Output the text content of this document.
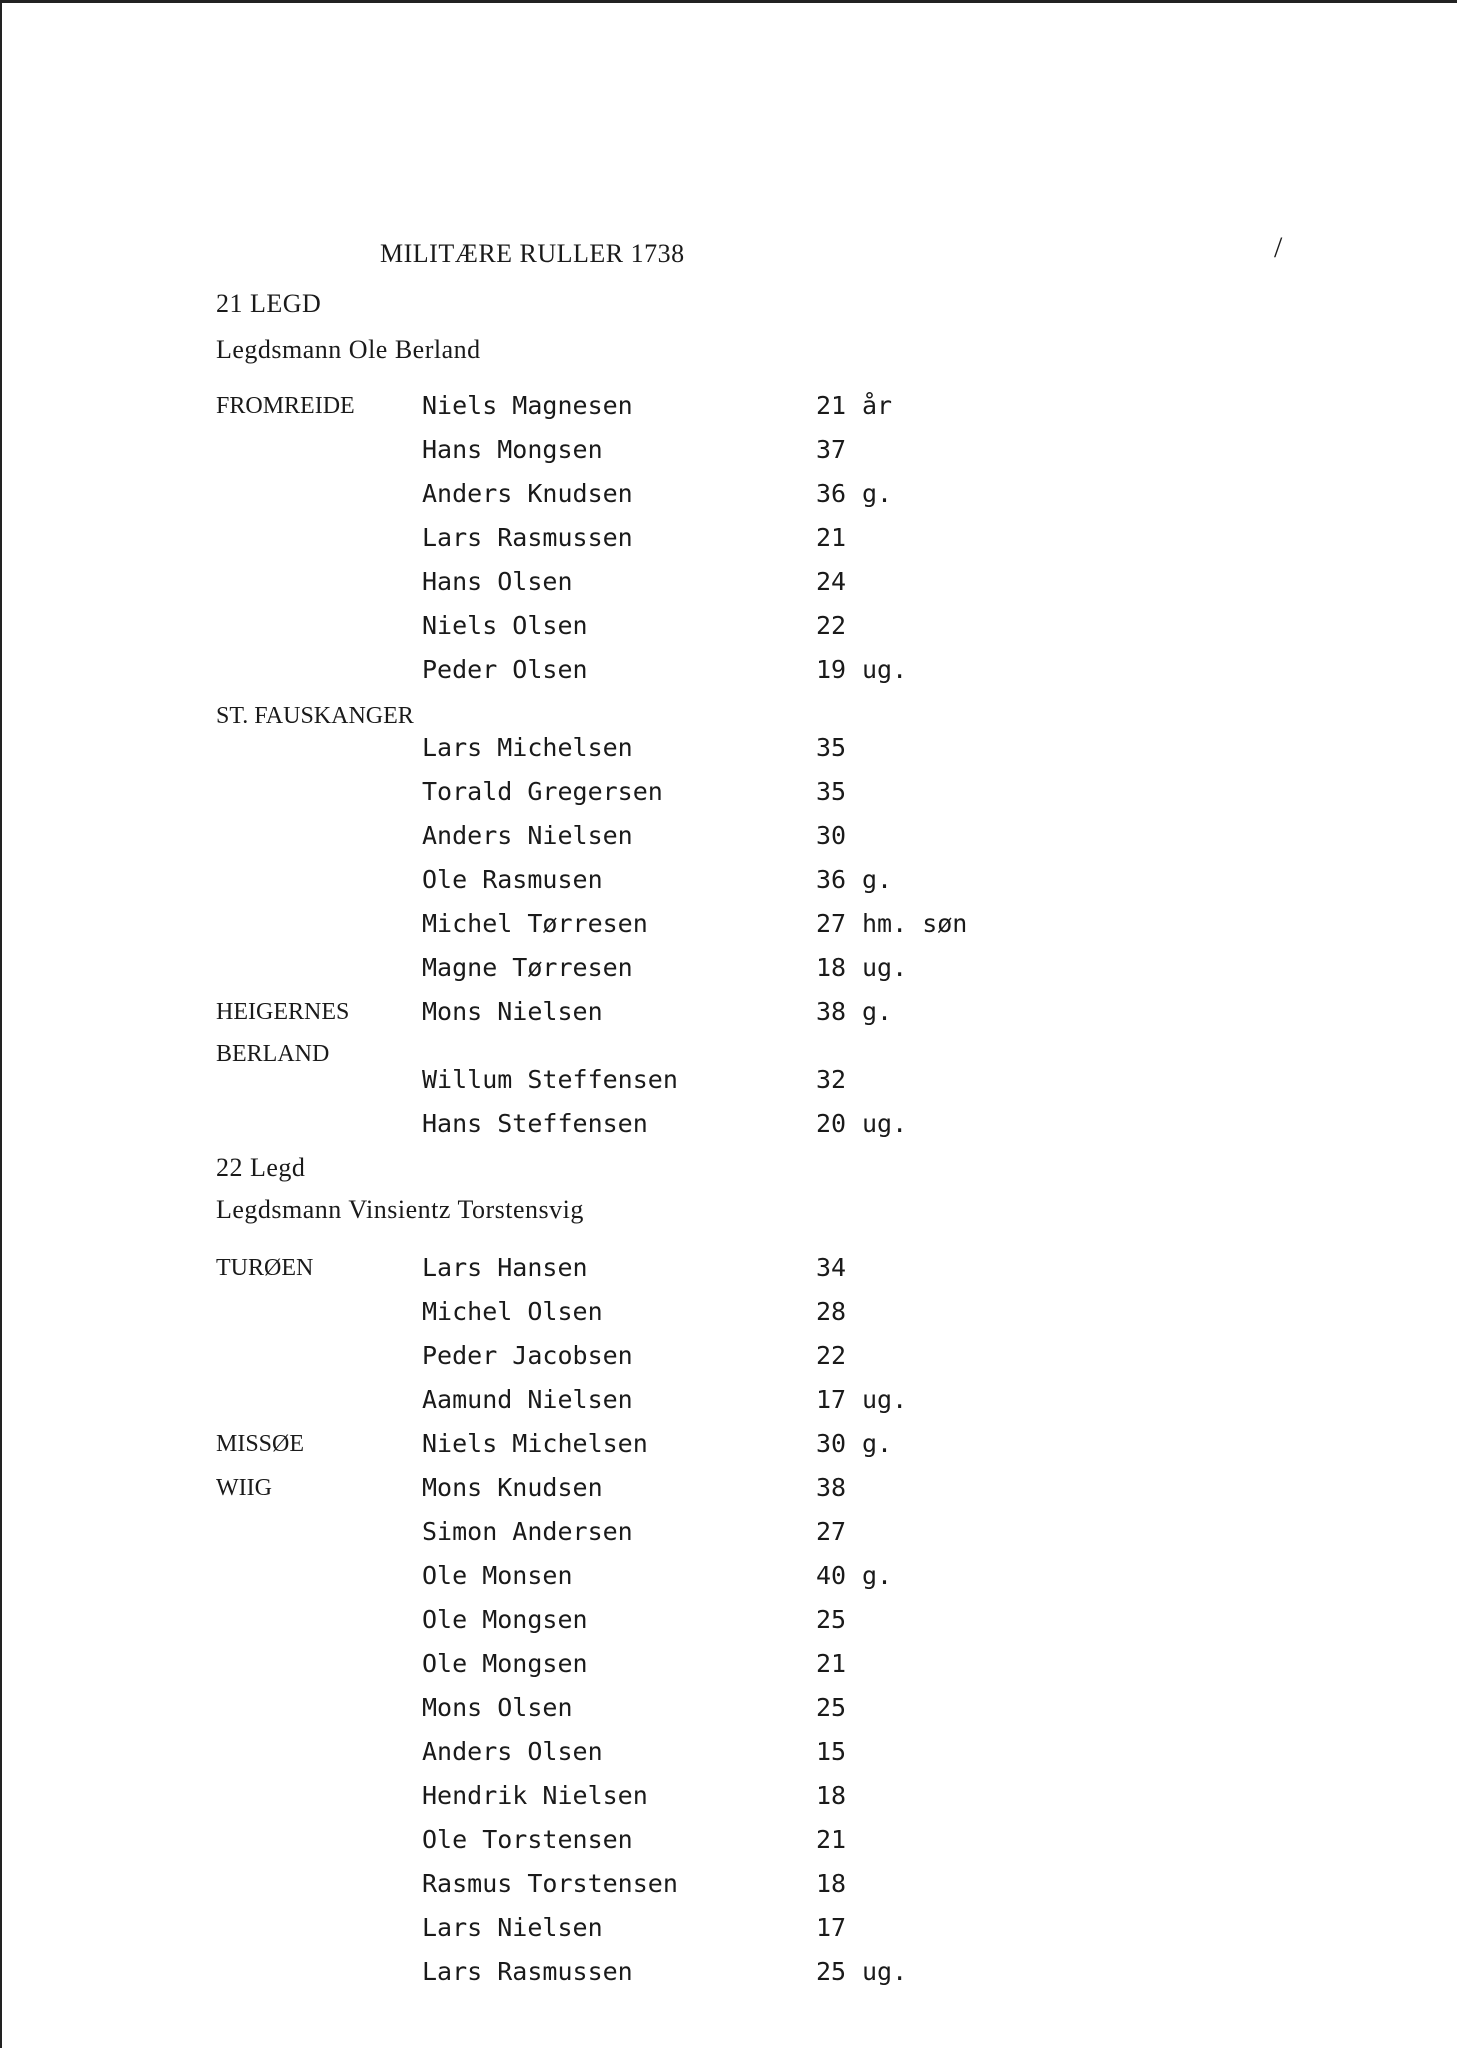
MILITÆRE RULLER 1738	/
21 LEGD
Legdsmann Ole Berland
FROMREIDE	Niels Magnesen	21 år
Hans Mongsen	37
Anders Knudsen	36 g.
Lars Rasmussen	21
Hans Olsen	24
Niels Olsen	22
Peder Olsen	19 ug.
ST. FAUSKANGER
Lars Michelsen	35
Torald Gregersen	35
Anders Nielsen	30
Ole Rasmusen	36 g.
Michel Tørresen	27 hm. søn
Magne Tørresen	18 ug.
HEIGERNES	Mons Nielsen	38 g.
BERLAND
Willum Steffensen	32
Hans Steffensen	20 ug.
22 Legd
Legdsmann Vinsientz Torstensvig
TURØEN	Lars Hansen	34
Michel Olsen	28
Peder Jacobsen	22
Aamund Nielsen	17 ug.
MISSØE	Niels Michelsen	30 g.
WIIG	Mons Knudsen	38
Simon Andersen	27
Ole Monsen	40 g.
Ole Mongsen	25
Ole Mongsen	21
Mons Olsen	25
Anders Olsen	15
Hendrik Nielsen	18
Ole Torstensen	21
Rasmus Torstensen	18
Lars Nielsen	17
Lars Rasmussen	25 ug.
